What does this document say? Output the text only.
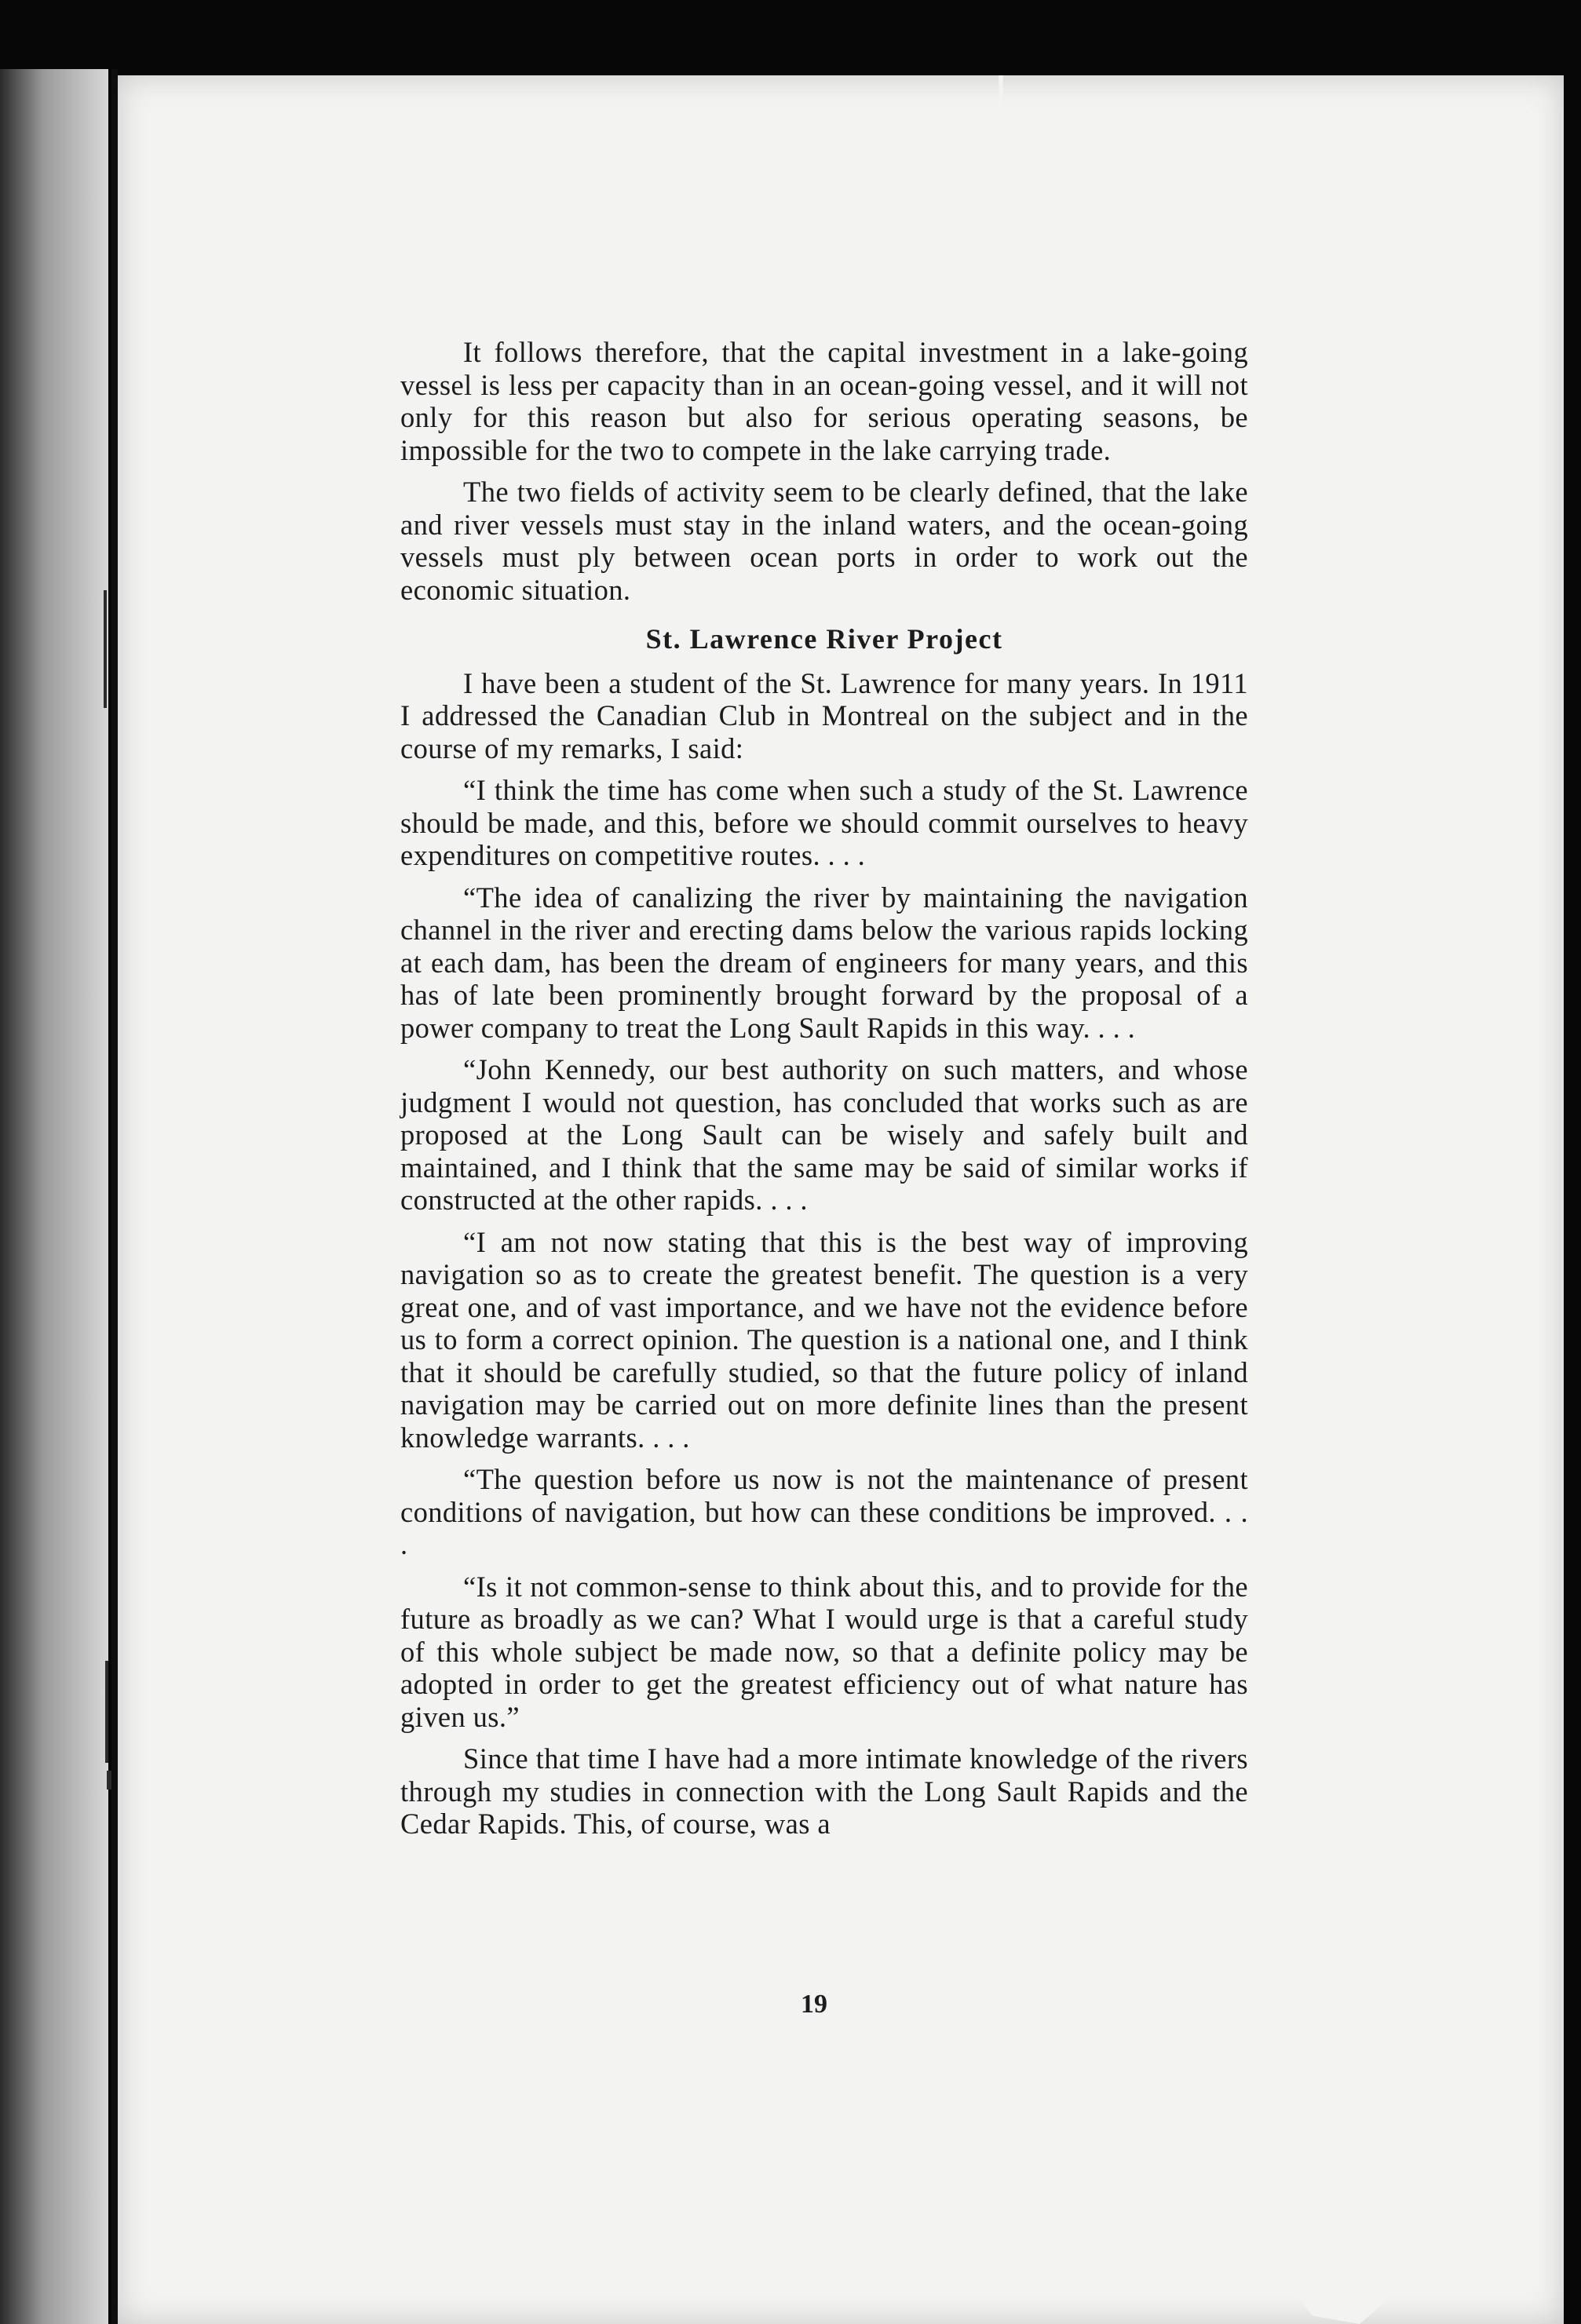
It follows therefore, that the capital investment in a lake-going vessel is less per capacity than in an ocean-going vessel, and it will not only for this reason but also for serious operating seasons, be impossible for the two to compete in the lake carrying trade.

The two fields of activity seem to be clearly defined, that the lake and river vessels must stay in the inland waters, and the ocean-going vessels must ply between ocean ports in order to work out the economic situation.

St. Lawrence River Project

I have been a student of the St. Lawrence for many years. In 1911 I addressed the Canadian Club in Montreal on the subject and in the course of my remarks, I said:

“I think the time has come when such a study of the St. Lawrence should be made, and this, before we should commit ourselves to heavy expenditures on competitive routes. . . .

“The idea of canalizing the river by maintaining the navigation channel in the river and erecting dams below the various rapids locking at each dam, has been the dream of engineers for many years, and this has of late been prominently brought forward by the proposal of a power company to treat the Long Sault Rapids in this way. . . .

“John Kennedy, our best authority on such matters, and whose judgment I would not question, has concluded that works such as are proposed at the Long Sault can be wisely and safely built and maintained, and I think that the same may be said of similar works if constructed at the other rapids. . . .

“I am not now stating that this is the best way of improving navigation so as to create the greatest benefit. The question is a very great one, and of vast importance, and we have not the evidence before us to form a correct opinion. The question is a national one, and I think that it should be carefully studied, so that the future policy of inland navigation may be carried out on more definite lines than the present knowledge warrants. . . .

“The question before us now is not the maintenance of present conditions of navigation, but how can these conditions be improved. . . .

“Is it not common-sense to think about this, and to provide for the future as broadly as we can? What I would urge is that a careful study of this whole subject be made now, so that a definite policy may be adopted in order to get the greatest efficiency out of what nature has given us.”

Since that time I have had a more intimate knowledge of the rivers through my studies in connection with the Long Sault Rapids and the Cedar Rapids. This, of course, was a

19
